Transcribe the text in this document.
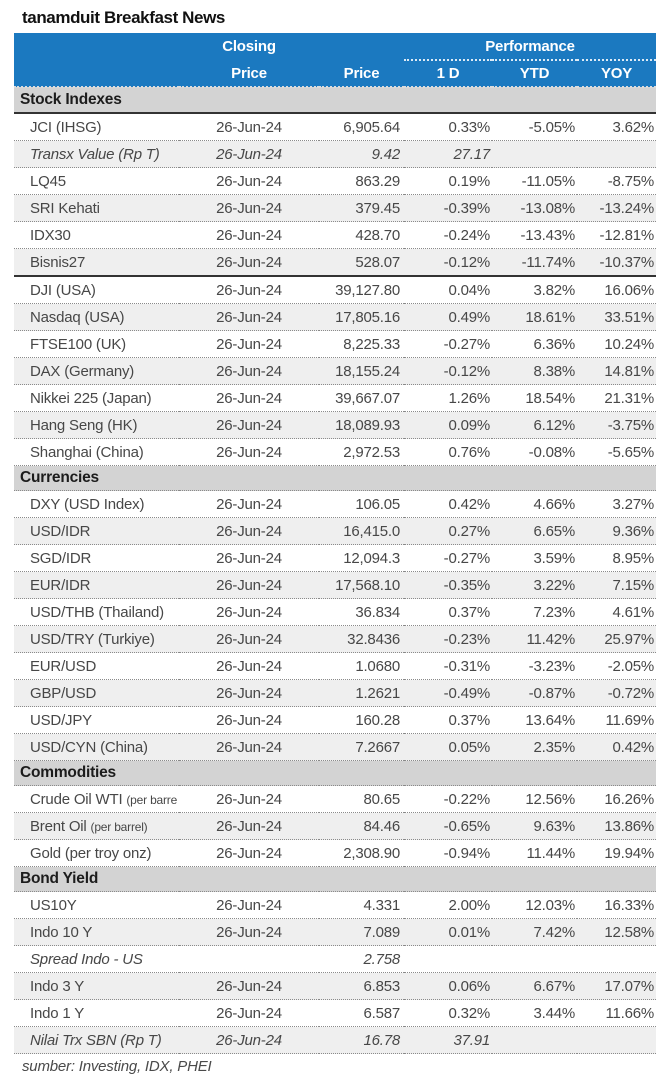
tanamduit Breakfast News
	Closing		Performance		
	Price	Price	1 D	YTD	YOY
Stock Indexes					
JCI (IHSG)	26-Jun-24	6,905.64	0.33%	-5.05%	3.62%
Transx Value (Rp T)	26-Jun-24	9.42	27.17		
LQ45	26-Jun-24	863.29	0.19%	-11.05%	-8.75%
SRI Kehati	26-Jun-24	379.45	-0.39%	-13.08%	-13.24%
IDX30	26-Jun-24	428.70	-0.24%	-13.43%	-12.81%
Bisnis27	26-Jun-24	528.07	-0.12%	-11.74%	-10.37%
DJI (USA)	26-Jun-24	39,127.80	0.04%	3.82%	16.06%
Nasdaq (USA)	26-Jun-24	17,805.16	0.49%	18.61%	33.51%
FTSE100 (UK)	26-Jun-24	8,225.33	-0.27%	6.36%	10.24%
DAX (Germany)	26-Jun-24	18,155.24	-0.12%	8.38%	14.81%
Nikkei 225 (Japan)	26-Jun-24	39,667.07	1.26%	18.54%	21.31%
Hang Seng (HK)	26-Jun-24	18,089.93	0.09%	6.12%	-3.75%
Shanghai (China)	26-Jun-24	2,972.53	0.76%	-0.08%	-5.65%
Currencies					
DXY (USD Index)	26-Jun-24	106.05	0.42%	4.66%	3.27%
USD/IDR	26-Jun-24	16,415.0	0.27%	6.65%	9.36%
SGD/IDR	26-Jun-24	12,094.3	-0.27%	3.59%	8.95%
EUR/IDR	26-Jun-24	17,568.10	-0.35%	3.22%	7.15%
USD/THB (Thailand)	26-Jun-24	36.834	0.37%	7.23%	4.61%
USD/TRY (Turkiye)	26-Jun-24	32.8436	-0.23%	11.42%	25.97%
EUR/USD	26-Jun-24	1.0680	-0.31%	-3.23%	-2.05%
GBP/USD	26-Jun-24	1.2621	-0.49%	-0.87%	-0.72%
USD/JPY	26-Jun-24	160.28	0.37%	13.64%	11.69%
USD/CYN (China)	26-Jun-24	7.2667	0.05%	2.35%	0.42%
Commodities					
Crude Oil WTI (per barre	26-Jun-24	80.65	-0.22%	12.56%	16.26%
Brent Oil (per barrel)	26-Jun-24	84.46	-0.65%	9.63%	13.86%
Gold (per troy onz)	26-Jun-24	2,308.90	-0.94%	11.44%	19.94%
Bond Yield					
US10Y	26-Jun-24	4.331	2.00%	12.03%	16.33%
Indo 10 Y	26-Jun-24	7.089	0.01%	7.42%	12.58%
Spread Indo - US		2.758			
Indo 3 Y	26-Jun-24	6.853	0.06%	6.67%	17.07%
Indo 1 Y	26-Jun-24	6.587	0.32%	3.44%	11.66%
Nilai Trx SBN (Rp T)	26-Jun-24	16.78	37.91		
sumber: Investing, IDX, PHEI
